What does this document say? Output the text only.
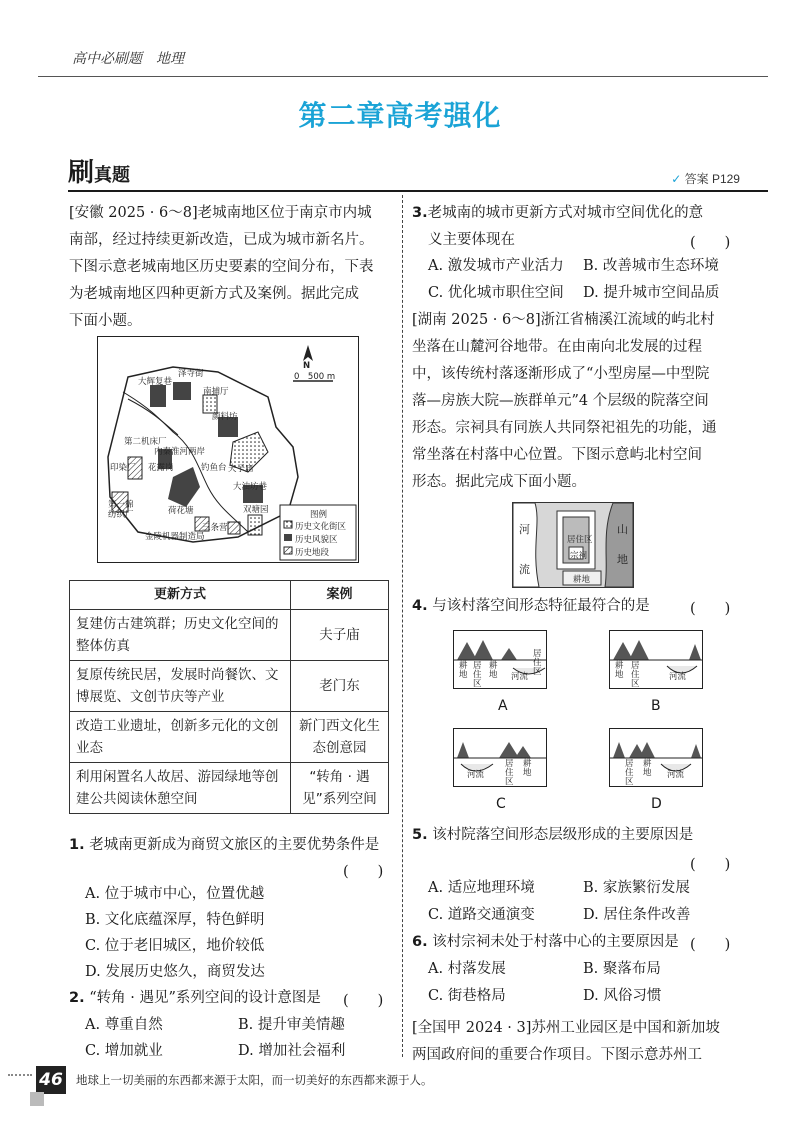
高中必刷题　地理
第二章高考强化
刷真题	✓ 答案 P129
[安徽 2025 · 6～8]老城南地区位于南京市内城
南部，经过持续更新改造，已成为城市新名片。
下图示意老城南地区历史要素的空间分布，下表
为老城南地区四种更新方式及案例。据此完成
下面小题。
N
0　500 m
大辉复巷
泽寺街
南捕厅
颜料坊
第二机床厂
内秦淮河两岸
钓鱼台
印染厂 花露岗	夫子庙
大油坊巷
第一棉纺织厂	荷花塘	双塘园
三条营
金陵机器制造局
图例
历史文化街区
历史风貌区
历史地段
更新方式	案例
复建仿古建筑群；历史文化空间的整体仿真	夫子庙
复原传统民居，发展时尚餐饮、文博展览、文创节庆等产业	老门东
改造工业遗址，创新多元化的文创业态	新门西文化生态创意园
利用闲置名人故居、游园绿地等创建公共阅读休憩空间	“转角 · 遇见”系列空间
1. 老城南更新成为商贸文旅区的主要优势条件是
(　　)
A. 位于城市中心，位置优越
B. 文化底蕴深厚，特色鲜明
C. 位于老旧城区，地价较低
D. 发展历史悠久，商贸发达
2. “转角 · 遇见”系列空间的设计意图是	(　　)
A. 尊重自然	B. 提升审美情趣
C. 增加就业	D. 增加社会福利
3.老城南的城市更新方式对城市空间优化的意
义主要体现在	(　　)
A. 激发城市产业活力 B. 改善城市生态环境
C. 优化城市职住空间 D. 提升城市空间品质
[湖南 2025 · 6～8]浙江省楠溪江流域的屿北村
坐落在山麓河谷地带。在由南向北发展的过程
中，该传统村落逐渐形成了“小型房屋—中型院
落—房族大院—族群单元”4 个层级的院落空间
形态。宗祠具有同族人共同祭祀祖先的功能，通
常坐落在村落中心位置。下图示意屿北村空间
形态。据此完成下面小题。
河
流
山
地
居住区
宗祠
耕地
4. 与该村落空间形态特征最符合的是	(　　)
耕地
居住区
耕地
居住区
河流
A
耕地
居住区
河流
B
河流
居住区
耕地
C
居住区
耕地 河流
D
5. 该村院落空间形态层级形成的主要原因是
(　　)
A. 适应地理环境	B. 家族繁衍发展
C. 道路交通演变	D. 居住条件改善
6. 该村宗祠未处于村落中心的主要原因是 (　　)
A. 村落发展	B. 聚落布局
C. 街巷格局	D. 风俗习惯
[全国甲 2024 · 3]苏州工业园区是中国和新加坡
两国政府间的重要合作项目。下图示意苏州工
46 地球上一切美丽的东西都来源于太阳，而一切美好的东西都来源于人。
